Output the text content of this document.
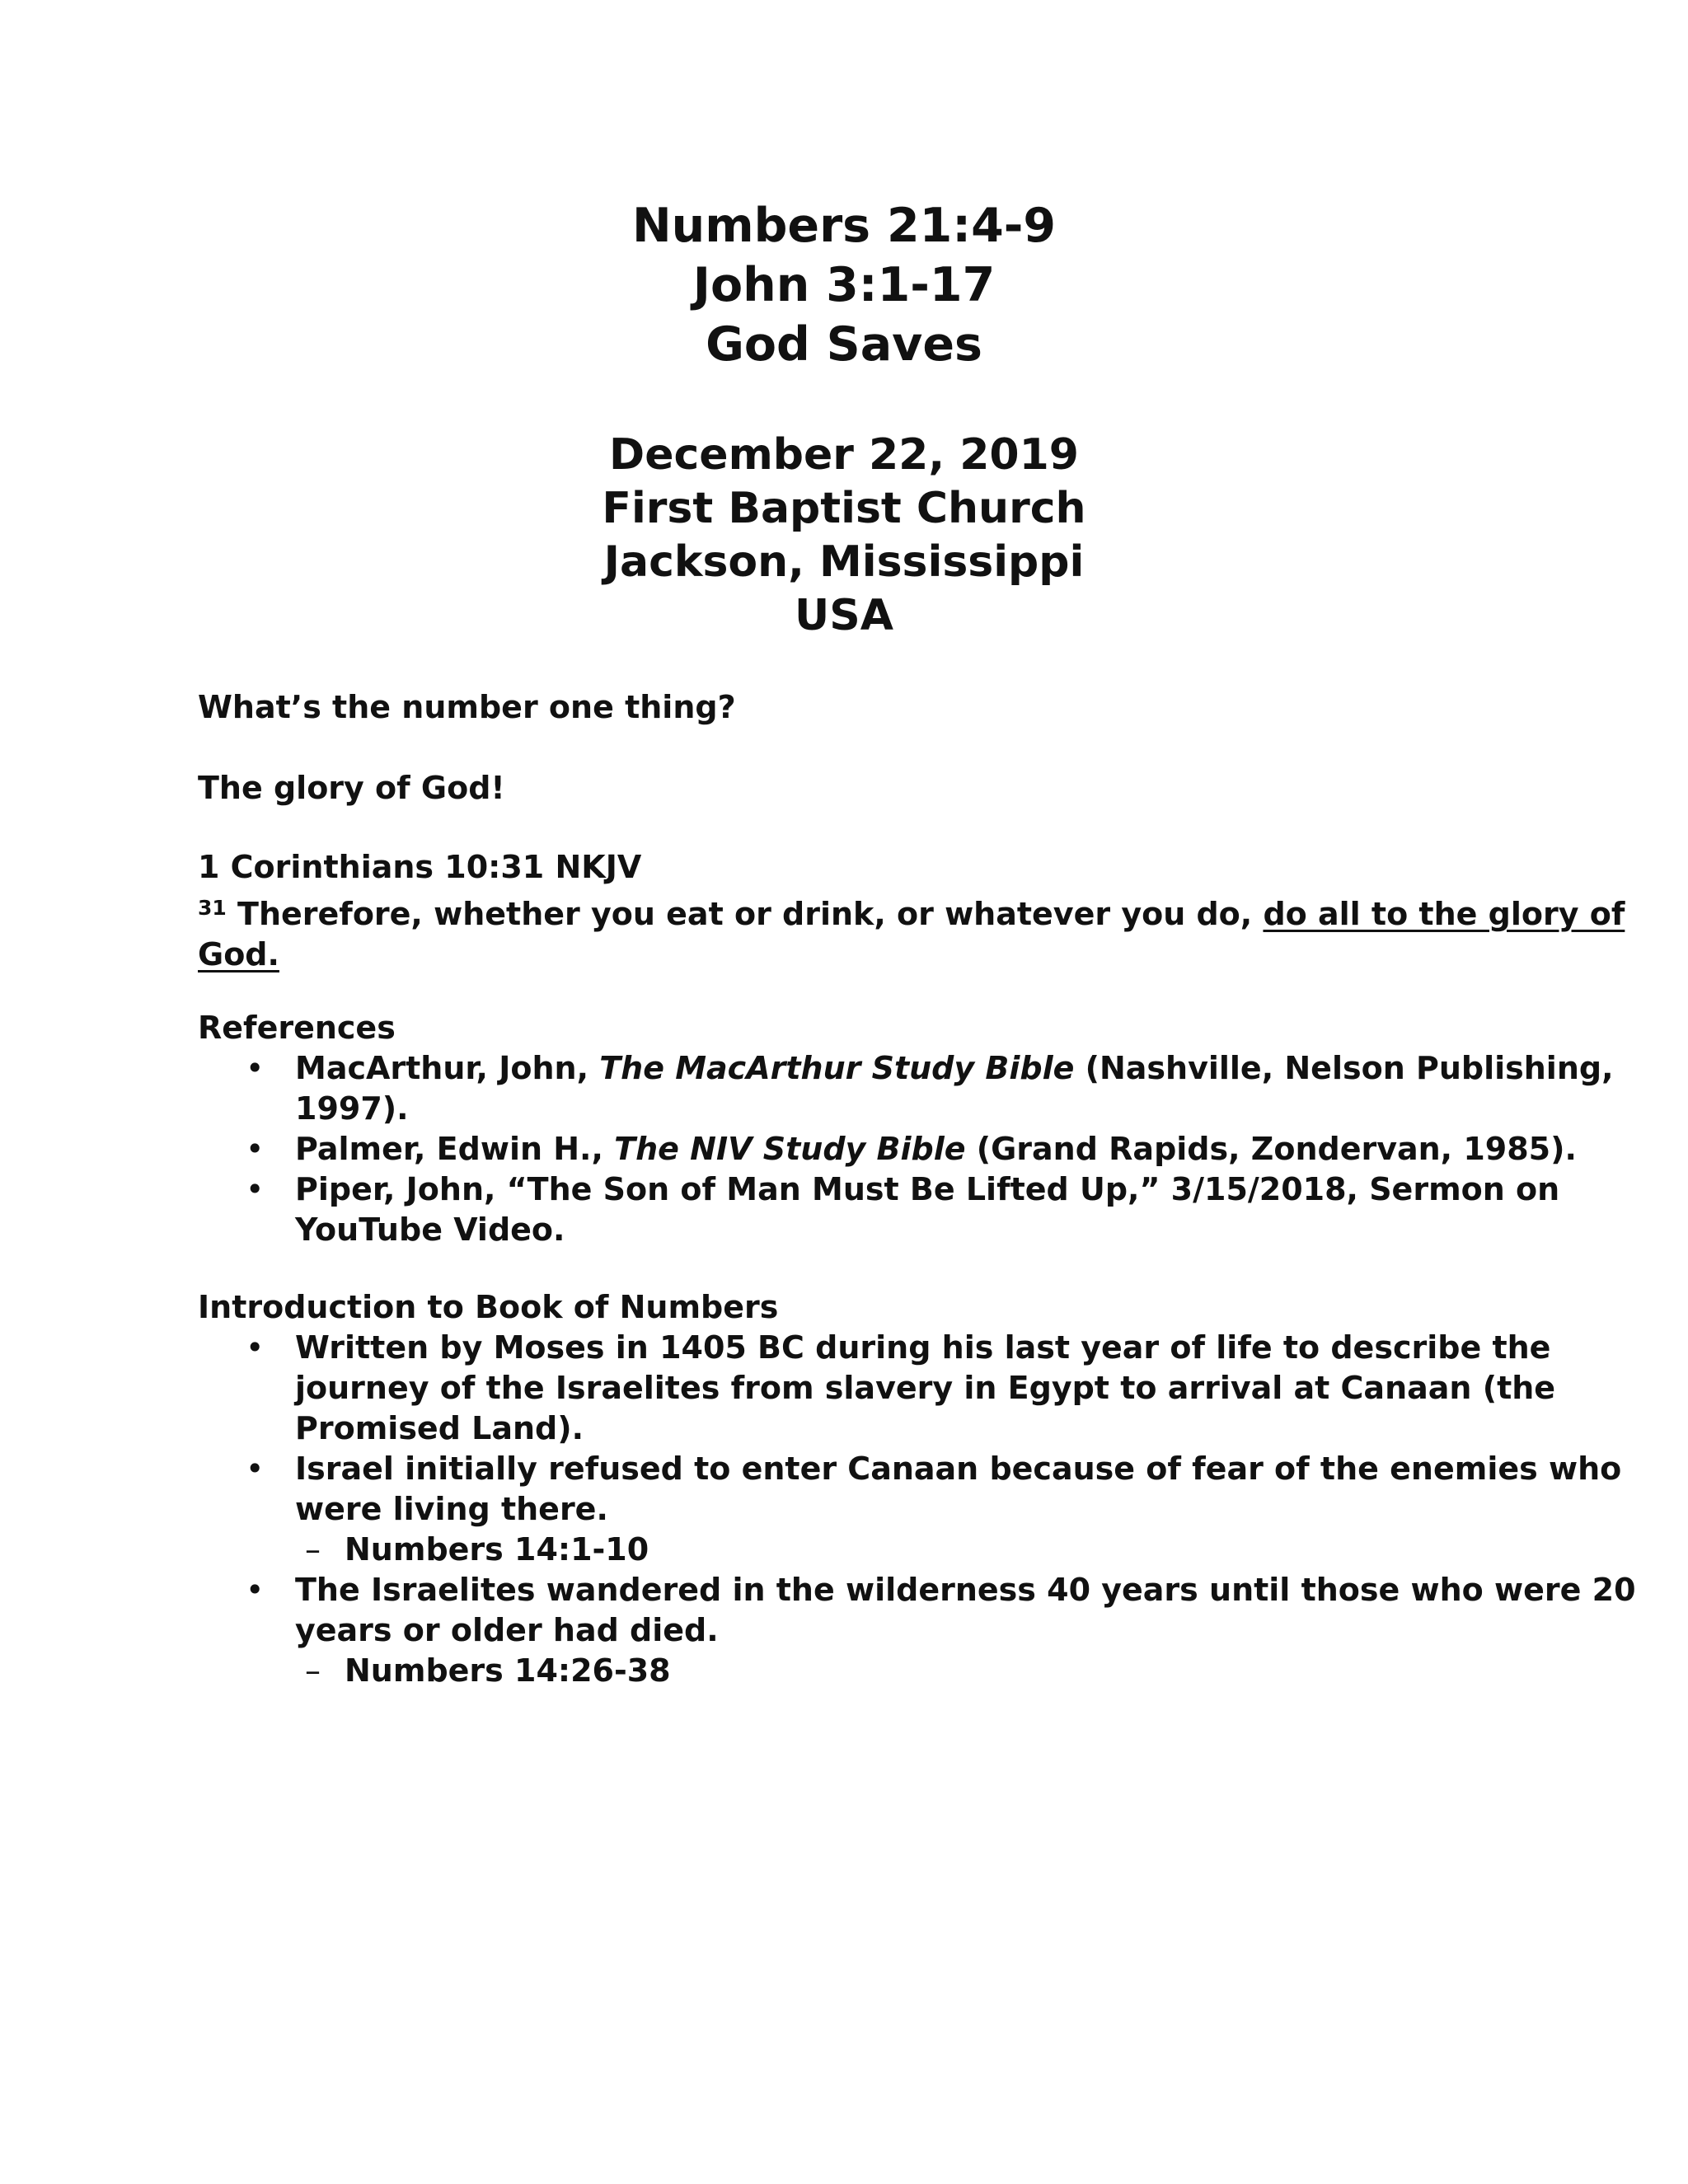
Numbers 21:4-9
John 3:1-17
God Saves
December 22, 2019
First Baptist Church
Jackson, Mississippi
USA
What’s the number one thing?
The glory of God!
1 Corinthians 10:31 NKJV
$^{31}$ Therefore, whether you eat or drink, or whatever you do, do all to the glory of
God.
References
• MacArthur, John, The MacArthur Study Bible (Nashville, Nelson Publishing,
1997).
• Palmer, Edwin H., The NIV Study Bible (Grand Rapids, Zondervan, 1985).
• Piper, John, “The Son of Man Must Be Lifted Up,” 3/15/2018, Sermon on
YouTube Video.
Introduction to Book of Numbers
• Written by Moses in 1405 BC during his last year of life to describe the
journey of the Israelites from slavery in Egypt to arrival at Canaan (the
Promised Land).
• Israel initially refused to enter Canaan because of fear of the enemies who
were living there.
– Numbers 14:1-10
• The Israelites wandered in the wilderness 40 years until those who were 20
years or older had died.
– Numbers 14:26-38
